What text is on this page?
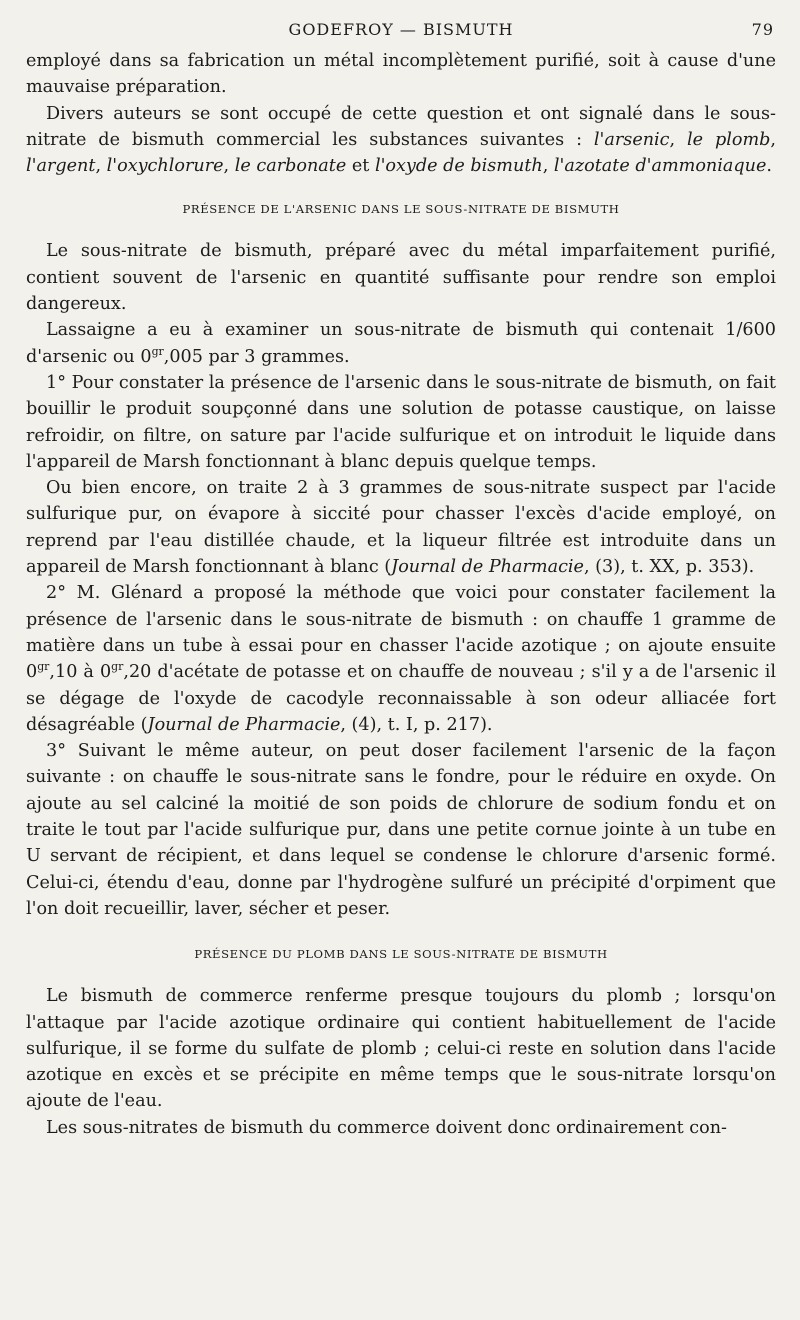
GODEFROY — BISMUTH	79

employé dans sa fabrication un métal incomplètement purifié, soit à cause d'une mauvaise préparation.

Divers auteurs se sont occupé de cette question et ont signalé dans le sous-nitrate de bismuth commercial les substances suivantes : l'arsenic, le plomb, l'argent, l'oxychlorure, le carbonate et l'oxyde de bismuth, l'azotate d'ammoniaque.

PRÉSENCE DE L'ARSENIC DANS LE SOUS-NITRATE DE BISMUTH

Le sous-nitrate de bismuth, préparé avec du métal imparfaitement purifié, contient souvent de l'arsenic en quantité suffisante pour rendre son emploi dangereux.

Lassaigne a eu à examiner un sous-nitrate de bismuth qui contenait 1/600 d'arsenic ou $0^{gr},005$ par 3 grammes.

1° Pour constater la présence de l'arsenic dans le sous-nitrate de bismuth, on fait bouillir le produit soupçonné dans une solution de potasse caustique, on laisse refroidir, on filtre, on sature par l'acide sulfurique et on introduit le liquide dans l'appareil de Marsh fonctionnant à blanc depuis quelque temps.

Ou bien encore, on traite 2 à 3 grammes de sous-nitrate suspect par l'acide sulfurique pur, on évapore à siccité pour chasser l'excès d'acide employé, on reprend par l'eau distillée chaude, et la liqueur filtrée est introduite dans un appareil de Marsh fonctionnant à blanc (Journal de Pharmacie, (3), t. XX, p. 353).

2° M. Glénard a proposé la méthode que voici pour constater facilement la présence de l'arsenic dans le sous-nitrate de bismuth : on chauffe 1 gramme de matière dans un tube à essai pour en chasser l'acide azotique ; on ajoute ensuite $0^{gr},10$ à $0^{gr},20$ d'acétate de potasse et on chauffe de nouveau ; s'il y a de l'arsenic il se dégage de l'oxyde de cacodyle reconnaissable à son odeur alliacée fort désagréable (Journal de Pharmacie, (4), t. I, p. 217).

3° Suivant le même auteur, on peut doser facilement l'arsenic de la façon suivante : on chauffe le sous-nitrate sans le fondre, pour le réduire en oxyde. On ajoute au sel calciné la moitié de son poids de chlorure de sodium fondu et on traite le tout par l'acide sulfurique pur, dans une petite cornue jointe à un tube en U servant de récipient, et dans lequel se condense le chlorure d'arsenic formé. Celui-ci, étendu d'eau, donne par l'hydrogène sulfuré un précipité d'orpiment que l'on doit recueillir, laver, sécher et peser.

PRÉSENCE DU PLOMB DANS LE SOUS-NITRATE DE BISMUTH

Le bismuth de commerce renferme presque toujours du plomb ; lorsqu'on l'attaque par l'acide azotique ordinaire qui contient habituellement de l'acide sulfurique, il se forme du sulfate de plomb ; celui-ci reste en solution dans l'acide azotique en excès et se précipite en même temps que le sous-nitrate lorsqu'on ajoute de l'eau.

Les sous-nitrates de bismuth du commerce doivent donc ordinairement con-
